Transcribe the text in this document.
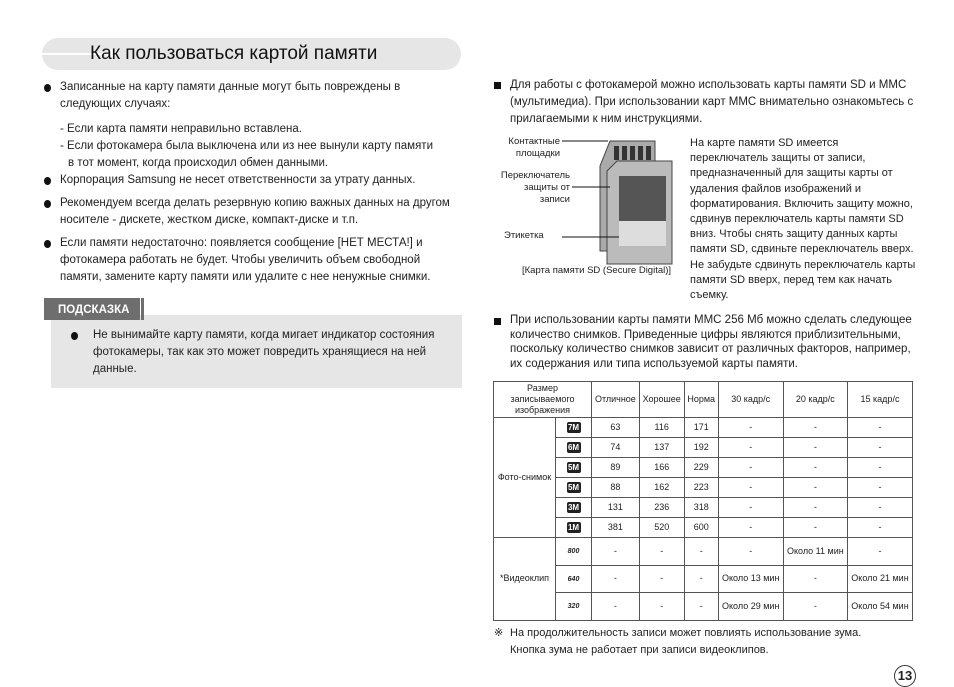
Как пользоваться картой памяти
Записанные на карту памяти данные могут быть повреждены в следующих случаях:
- Если карта памяти неправильно вставлена.
- Если фотокамера была выключена или из нее вынули карту памяти
в тот момент, когда происходил обмен данными.
Корпорация Samsung не несет ответственности за утрату данных.
Рекомендуем всегда делать резервную копию важных данных на другом носителе - дискете, жестком диске, компакт-диске и т.п.
Если памяти недостаточно: появляется сообщение [НЕТ МЕСТА!] и фотокамера работать не будет. Чтобы увеличить объем свободной памяти, замените карту памяти или удалите с нее ненужные снимки.
Не вынимайте карту памяти, когда мигает индикатор состояния фотокамеры, так как это может повредить хранящиеся на ней данные.
ПОДСКАЗКА
Для работы с фотокамерой можно использовать карты памяти SD и MMC (мультимедиа). При использовании карт MMC внимательно ознакомьтесь с прилагаемыми к ним инструкциями.
Контактные площадки
Переключатель защиты от записи
Этикетка
[Карта памяти SD (Secure Digital)]
На карте памяти SD имеется переключатель защиты от записи, предназначенный для защиты карты от удаления файлов изображений и форматирования. Включить защиту можно, сдвинув переключатель карты памяти SD вниз. Чтобы снять защиту данных карты памяти SD, сдвиньте переключатель вверх. Не забудьте сдвинуть переключатель карты памяти SD вверх, перед тем как начать съемку.
При использовании карты памяти MMC 256 Мб можно сделать следующее количество снимков. Приведенные цифры являются приблизительными, поскольку количество снимков зависит от различных факторов, например, их содержания или типа используемой карты памяти.
Размер записываемого изображения		Отличное	Хорошее	Норма	30 кадр/с	20 кадр/с	15 кадр/с
Фото-снимок	7M	63	116	171	-	-	-
	6M	74	137	192	-	-	-
	5M	89	166	229	-	-	-
	5M	88	162	223	-	-	-
	3M	131	236	318	-	-	-
	1M	381	520	600	-	-	-
*Видеоклип	800	-	-	-	-	Около 11 мин	-
	640	-	-	-	Около 13 мин	-	Около 21 мин
	320	-	-	-	Около 29 мин	-	Около 54 мин
※ На продолжительность записи может повлиять использование зума.
Кнопка зума не работает при записи видеоклипов.
13
